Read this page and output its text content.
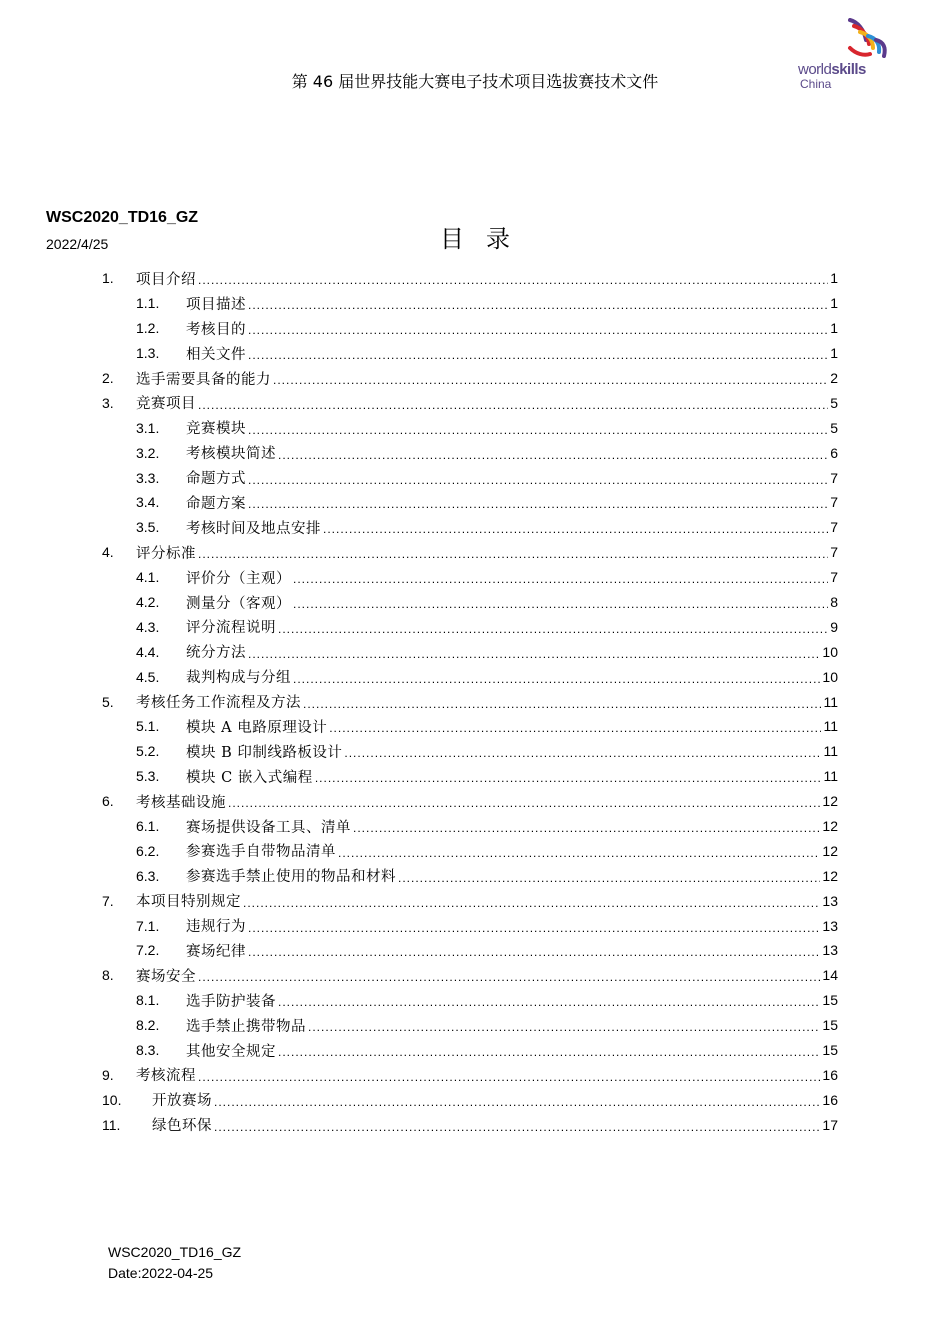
第 46 届世界技能大赛电子技术项目选拔赛技术文件
worldskills
China
WSC2020_TD16_GZ
2022/4/25	目录
1.	项目介绍 .....	1
1.1.	项目描述 .....	1
1.2.	考核目的 .....	1
1.3.	相关文件 .....	1
2.	选手需要具备的能力 .....	2
3.	竞赛项目 .....	5
3.1.	竞赛模块 .....	5
3.2.	考核模块简述 .....	6
3.3.	命题方式 .....	7
3.4.	命题方案 .....	7
3.5.	考核时间及地点安排 .....	7
4.	评分标准 .....	7
4.1.	评价分（主观） .....	7
4.2.	测量分（客观） .....	8
4.3.	评分流程说明 .....	9
4.4.	统分方法 .....	10
4.5.	裁判构成与分组 .....	10
5.	考核任务工作流程及方法 .....	11
5.1.	模块 A 电路原理设计 .....	11
5.2.	模块 B 印制线路板设计 .....	11
5.3.	模块 C 嵌入式编程 .....	11
6.	考核基础设施 .....	12
6.1.	赛场提供设备工具、清单 .....	12
6.2.	参赛选手自带物品清单 .....	12
6.3.	参赛选手禁止使用的物品和材料 .....	12
7.	本项目特别规定 .....	13
7.1.	违规行为 .....	13
7.2.	赛场纪律 .....	13
8.	赛场安全 .....	14
8.1.	选手防护装备 .....	15
8.2.	选手禁止携带物品 .....	15
8.3.	其他安全规定 .....	15
9.	考核流程 .....	16
10.	开放赛场 .....	16
11.	绿色环保 .....	17
WSC2020_TD16_GZ
Date:2022-04-25
